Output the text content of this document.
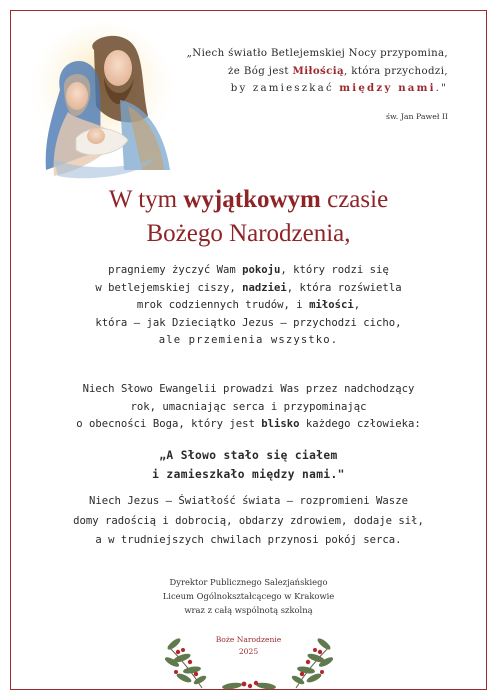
„Niech światło Betlejemskiej Nocy przypomina,
że Bóg jest Miłością, która przychodzi,
by zamieszkać między nami."
św. Jan Paweł II
W tym wyjątkowym czasie
Bożego Narodzenia,
pragniemy życzyć Wam pokoju, który rodzi się
w betlejemskiej ciszy, nadziei, która rozświetla
mrok codziennych trudów, i miłości,
która – jak Dzieciątko Jezus – przychodzi cicho,
ale przemienia wszystko.
Niech Słowo Ewangelii prowadzi Was przez nadchodzący
rok, umacniając serca i przypominając
o obecności Boga, który jest blisko każdego człowieka:
„A Słowo stało się ciałem
i zamieszkało między nami."
Niech Jezus – Światłość świata – rozpromieni Wasze
domy radością i dobrocią, obdarzy zdrowiem, dodaje sił,
a w trudniejszych chwilach przynosi pokój serca.
Dyrektor Publicznego Salezjańskiego
Liceum Ogólnokształcącego w Krakowie
wraz z całą wspólnotą szkolną
Boże Narodzenie
2025
